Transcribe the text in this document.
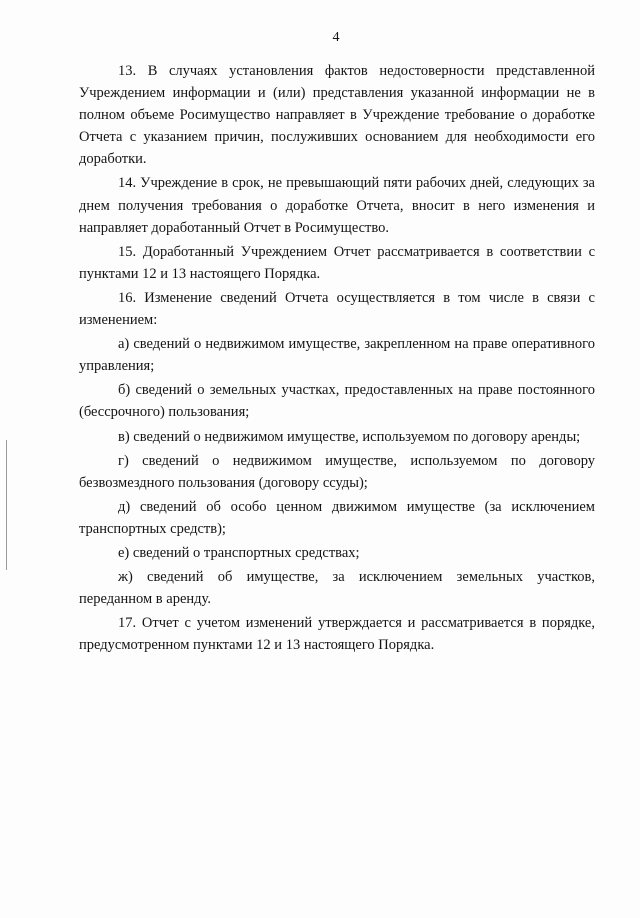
4

13. В случаях установления фактов недостоверности представленной Учреждением информации и (или) представления указанной информации не в полном объеме Росимущество направляет в Учреждение требование о доработке Отчета с указанием причин, послуживших основанием для необходимости его доработки.

14. Учреждение в срок, не превышающий пяти рабочих дней, следующих за днем получения требования о доработке Отчета, вносит в него изменения и направляет доработанный Отчет в Росимущество.

15. Доработанный Учреждением Отчет рассматривается в соответствии с пунктами 12 и 13 настоящего Порядка.

16. Изменение сведений Отчета осуществляется в том числе в связи с изменением:

а) сведений о недвижимом имуществе, закрепленном на праве оперативного управления;

б) сведений о земельных участках, предоставленных на праве постоянного (бессрочного) пользования;

в) сведений о недвижимом имуществе, используемом по договору аренды;

г) сведений о недвижимом имуществе, используемом по договору безвозмездного пользования (договору ссуды);

д) сведений об особо ценном движимом имуществе (за исключением транспортных средств);

е) сведений о транспортных средствах;

ж) сведений об имуществе, за исключением земельных участков, переданном в аренду.

17. Отчет с учетом изменений утверждается и рассматривается в порядке, предусмотренном пунктами 12 и 13 настоящего Порядка.
